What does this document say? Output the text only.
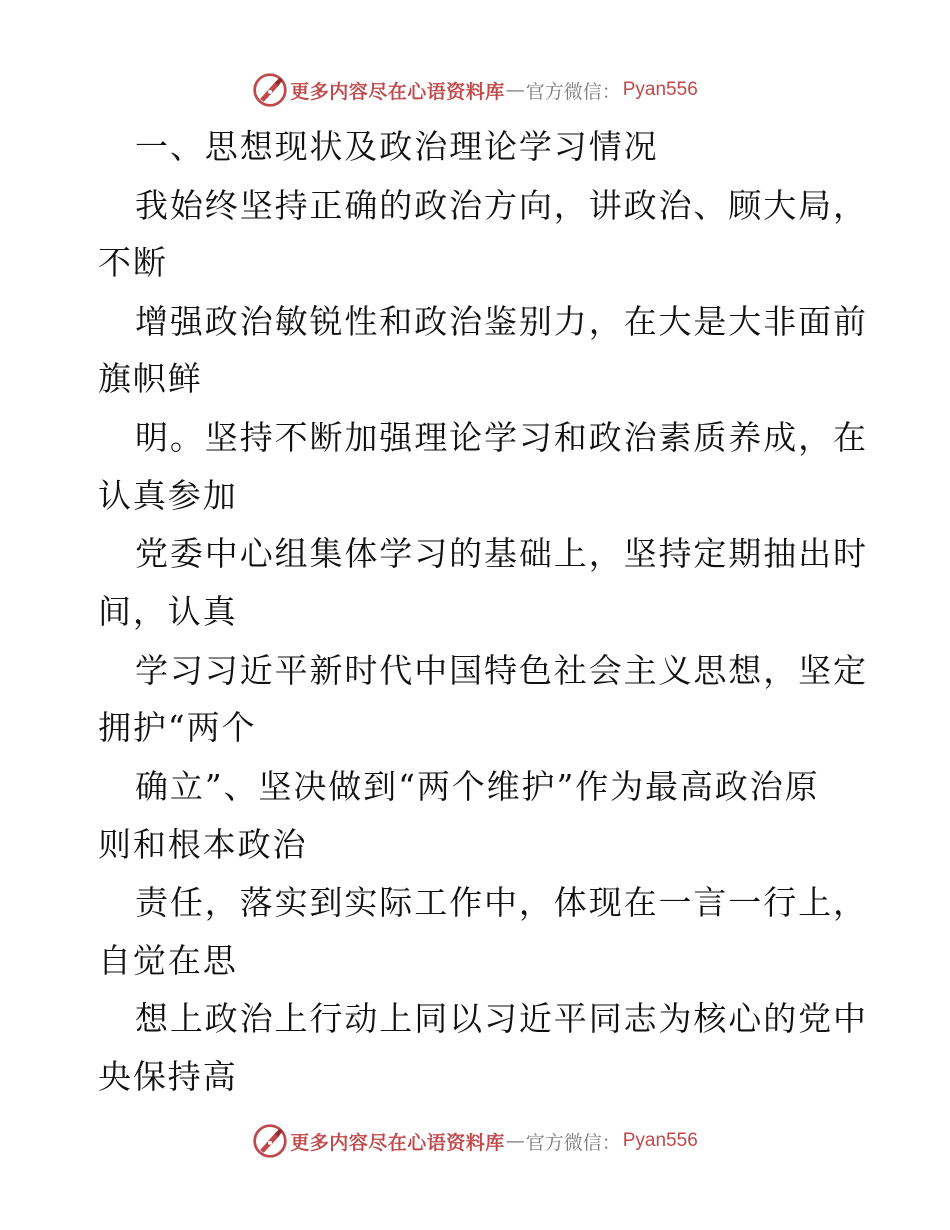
更多内容尽在心语资料库 — 官方微信： Pyan556
一、思想现状及政治理论学习情况
我始终坚持正确的政治方向，讲政治、顾大局，
不断
增强政治敏锐性和政治鉴别力，在大是大非面前
旗帜鲜
明。坚持不断加强理论学习和政治素质养成，在
认真参加
党委中心组集体学习的基础上，坚持定期抽出时
间，认真
学习习近平新时代中国特色社会主义思想，坚定
拥护“两个
确立”、坚决做到“两个维护”作为最高政治原
则和根本政治
责任，落实到实际工作中，体现在一言一行上，
自觉在思
想上政治上行动上同以习近平同志为核心的党中
央保持高
更多内容尽在心语资料库 — 官方微信： Pyan556
